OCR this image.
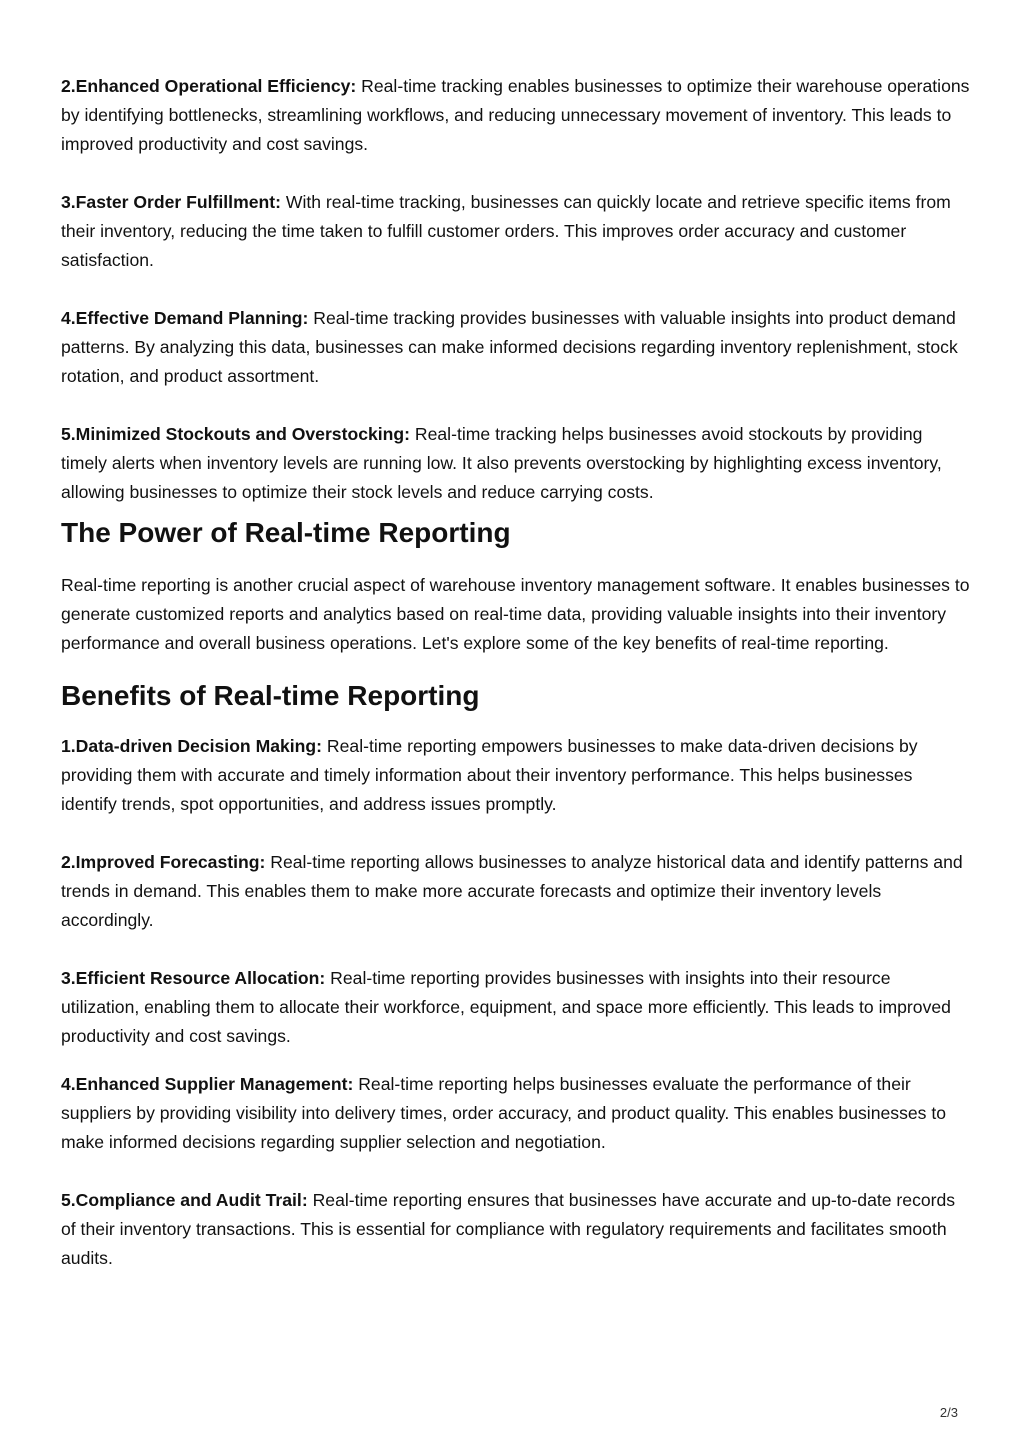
2.Enhanced Operational Efficiency: Real-time tracking enables businesses to optimize their warehouse operations by identifying bottlenecks, streamlining workflows, and reducing unnecessary movement of inventory. This leads to improved productivity and cost savings.

3.Faster Order Fulfillment: With real-time tracking, businesses can quickly locate and retrieve specific items from their inventory, reducing the time taken to fulfill customer orders. This improves order accuracy and customer satisfaction.

4.Effective Demand Planning: Real-time tracking provides businesses with valuable insights into product demand patterns. By analyzing this data, businesses can make informed decisions regarding inventory replenishment, stock rotation, and product assortment.

5.Minimized Stockouts and Overstocking: Real-time tracking helps businesses avoid stockouts by providing timely alerts when inventory levels are running low. It also prevents overstocking by highlighting excess inventory, allowing businesses to optimize their stock levels and reduce carrying costs.

The Power of Real-time Reporting

Real-time reporting is another crucial aspect of warehouse inventory management software. It enables businesses to generate customized reports and analytics based on real-time data, providing valuable insights into their inventory performance and overall business operations. Let's explore some of the key benefits of real-time reporting.

Benefits of Real-time Reporting

1.Data-driven Decision Making: Real-time reporting empowers businesses to make data-driven decisions by providing them with accurate and timely information about their inventory performance. This helps businesses identify trends, spot opportunities, and address issues promptly.

2.Improved Forecasting: Real-time reporting allows businesses to analyze historical data and identify patterns and trends in demand. This enables them to make more accurate forecasts and optimize their inventory levels accordingly.

3.Efficient Resource Allocation: Real-time reporting provides businesses with insights into their resource utilization, enabling them to allocate their workforce, equipment, and space more efficiently. This leads to improved productivity and cost savings.

4.Enhanced Supplier Management: Real-time reporting helps businesses evaluate the performance of their suppliers by providing visibility into delivery times, order accuracy, and product quality. This enables businesses to make informed decisions regarding supplier selection and negotiation.

5.Compliance and Audit Trail: Real-time reporting ensures that businesses have accurate and up-to-date records of their inventory transactions. This is essential for compliance with regulatory requirements and facilitates smooth audits.

2/3
